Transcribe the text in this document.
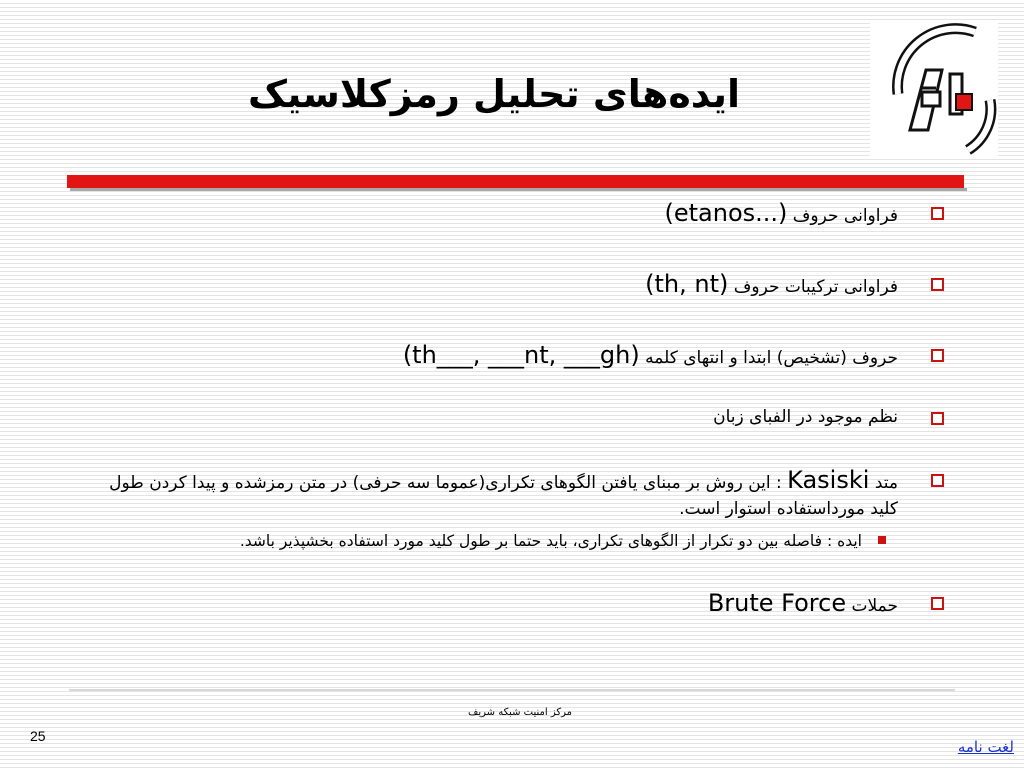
ایده‌های تحلیل رمزکلاسیک
فراوانی حروف (etanos...)
فراوانی ترکیبات حروف (th, nt)
حروف (تشخیص) ابتدا و انتهای کلمه (th___, ___nt, ___gh)
نظم موجود در الفبای زبان
متد Kasiski : این روش بر مبنای یافتن الگوهای تکراری(عموما سه حرفی) در متن رمزشده و پیدا کردن طول کلید مورداستفاده استوار است.
ایده : فاصله بین دو تکرار از الگوهای تکراری، باید حتما بر طول کلید مورد استفاده بخشپذیر باشد.
حملات Brute Force
مرکز امنیت شبکه شریف
25
لغت نامه
